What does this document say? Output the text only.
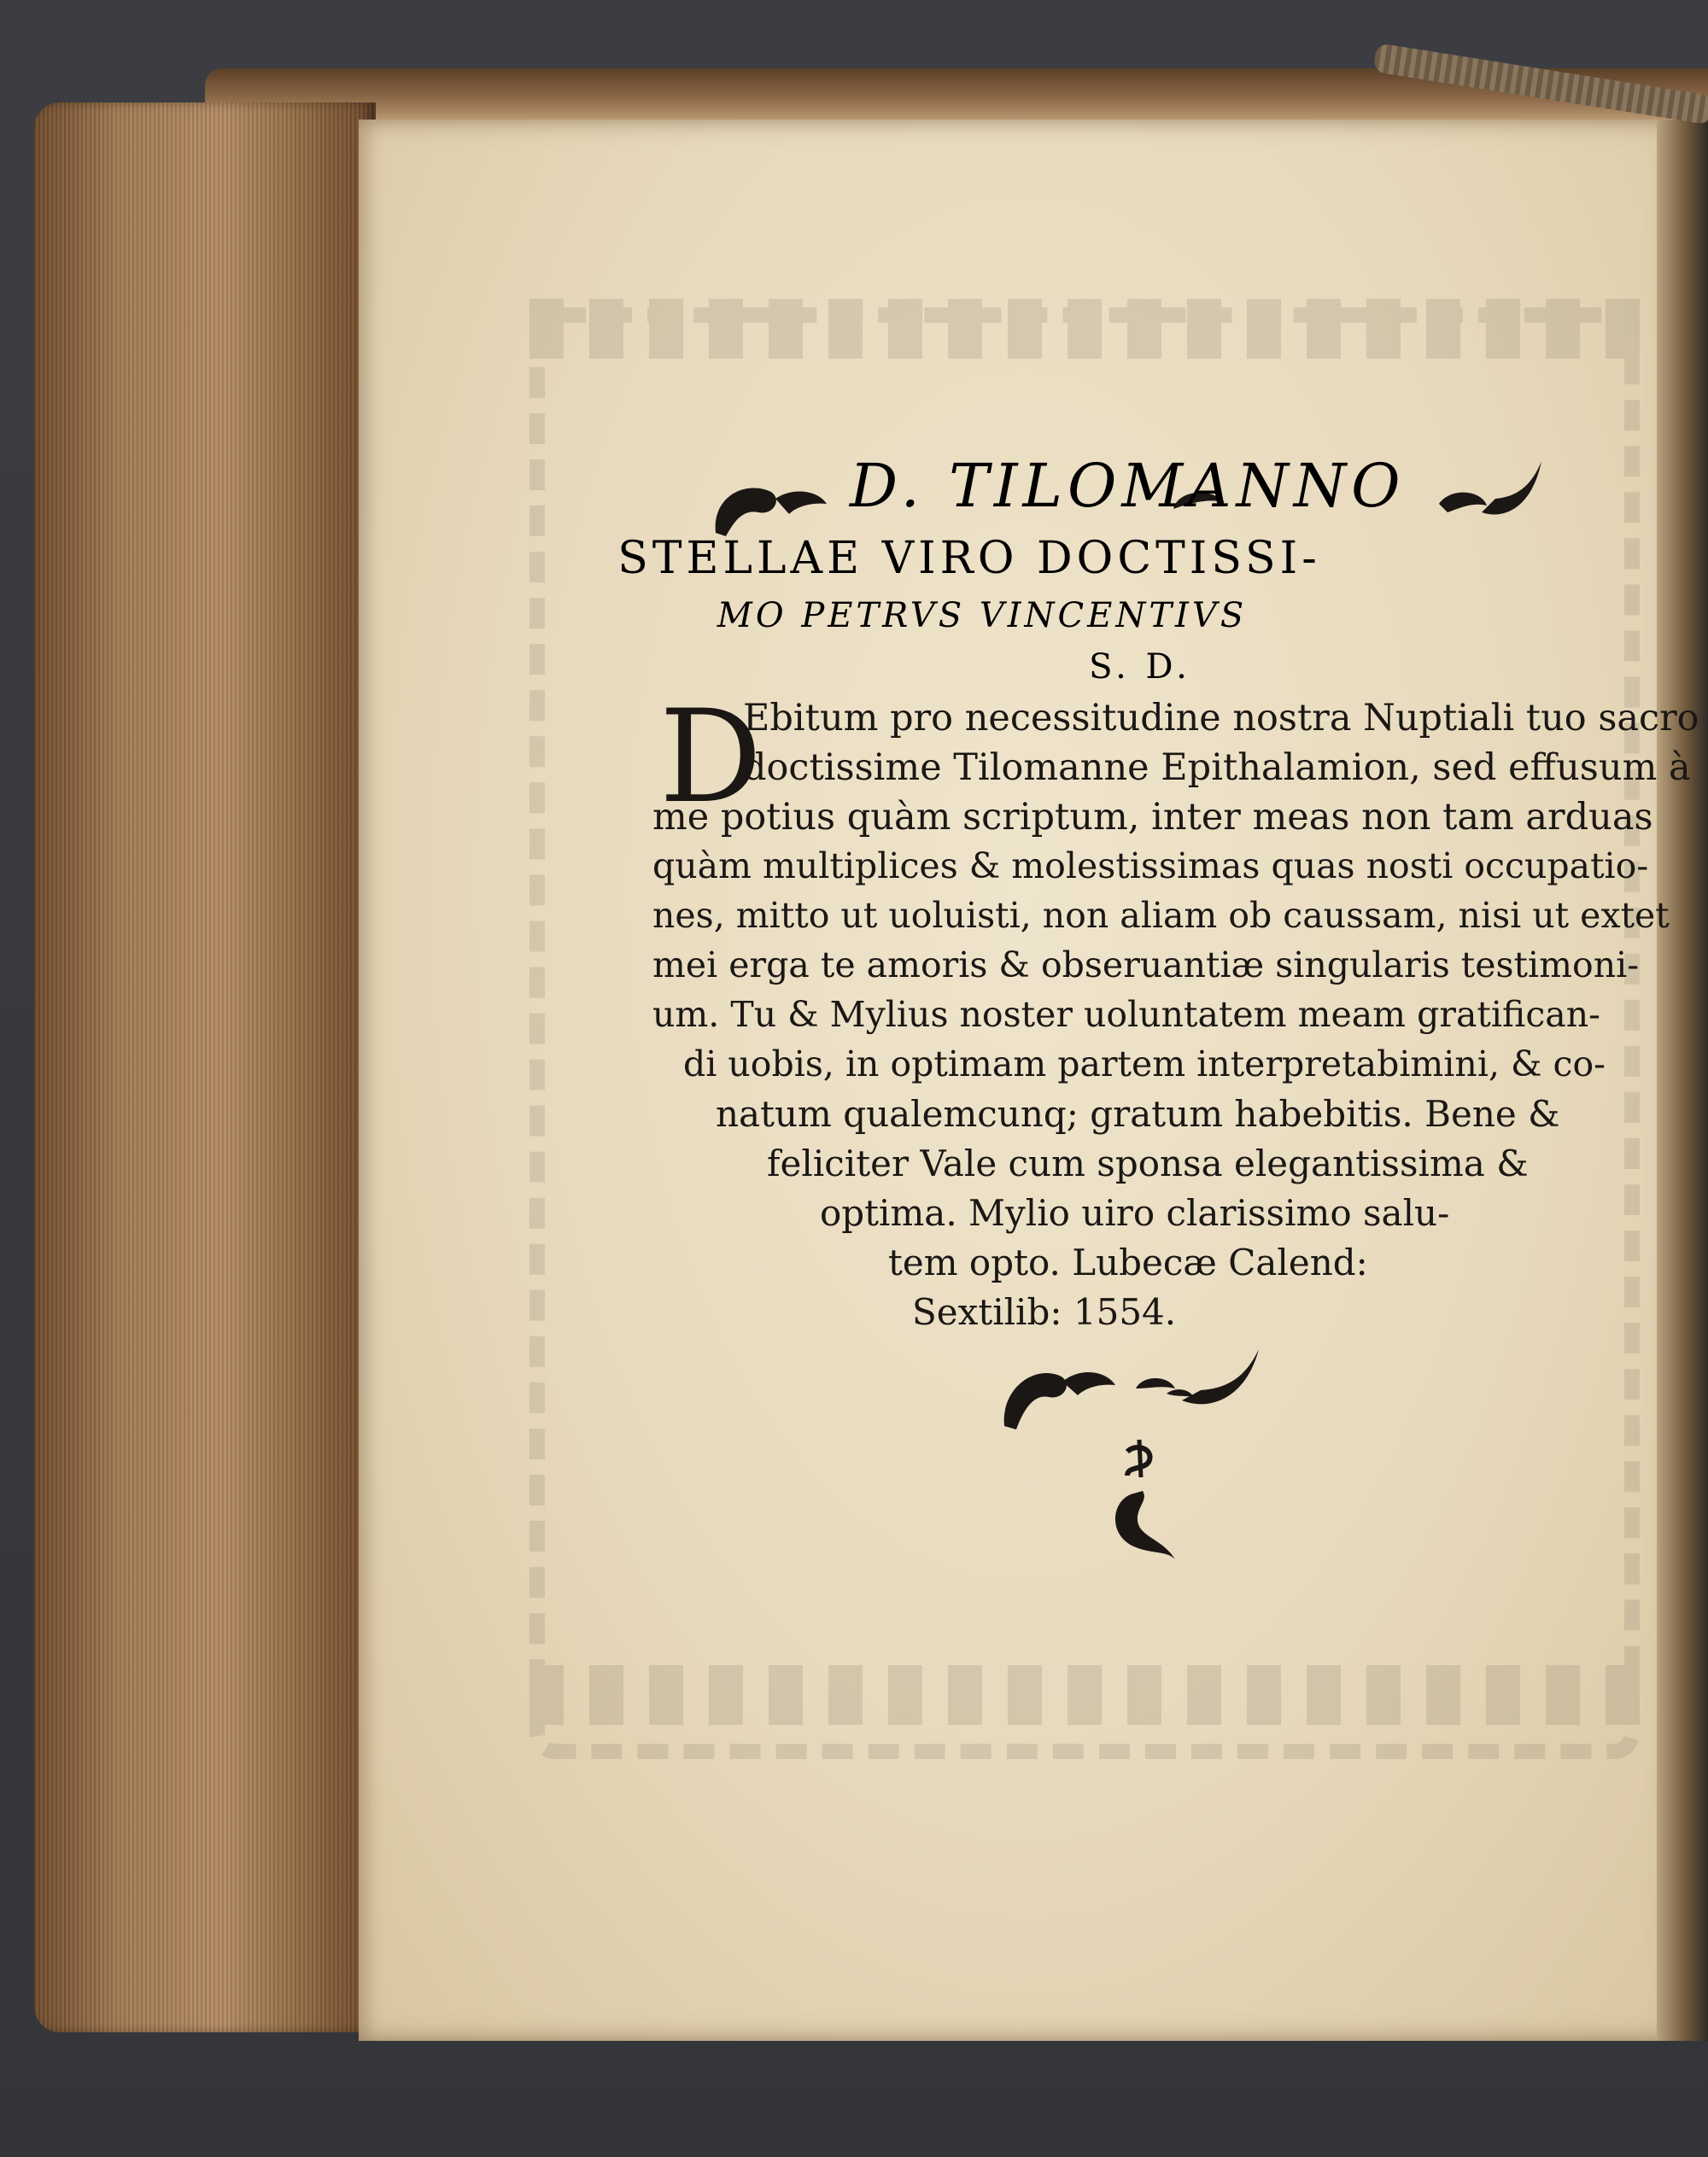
STELLAE VIRO DOCTISSI-
MO PETRVS VINCENTIVS
S. D.
D
Ebitum pro necessitudine nostra Nuptiali tuo sacro
doctissime Tilomanne Epithalamion, sed effusum à
me potius quàm scriptum, inter meas non tam arduas
quàm multiplices & molestissimas quas nosti occupatio-
nes, mitto ut uoluisti, non aliam ob caussam, nisi ut extet
mei erga te amoris & obseruantiæ singularis testimoni-
um. Tu & Mylius noster uoluntatem meam gratifican-
di uobis, in optimam partem interpretabimini, & co-
natum qualemcunq; gratum habebitis. Bene &
feliciter Vale cum sponsa elegantissima &
optima. Mylio uiro clarissimo salu-
tem opto. Lubecæ Calend:
Sextilib: 1554.
